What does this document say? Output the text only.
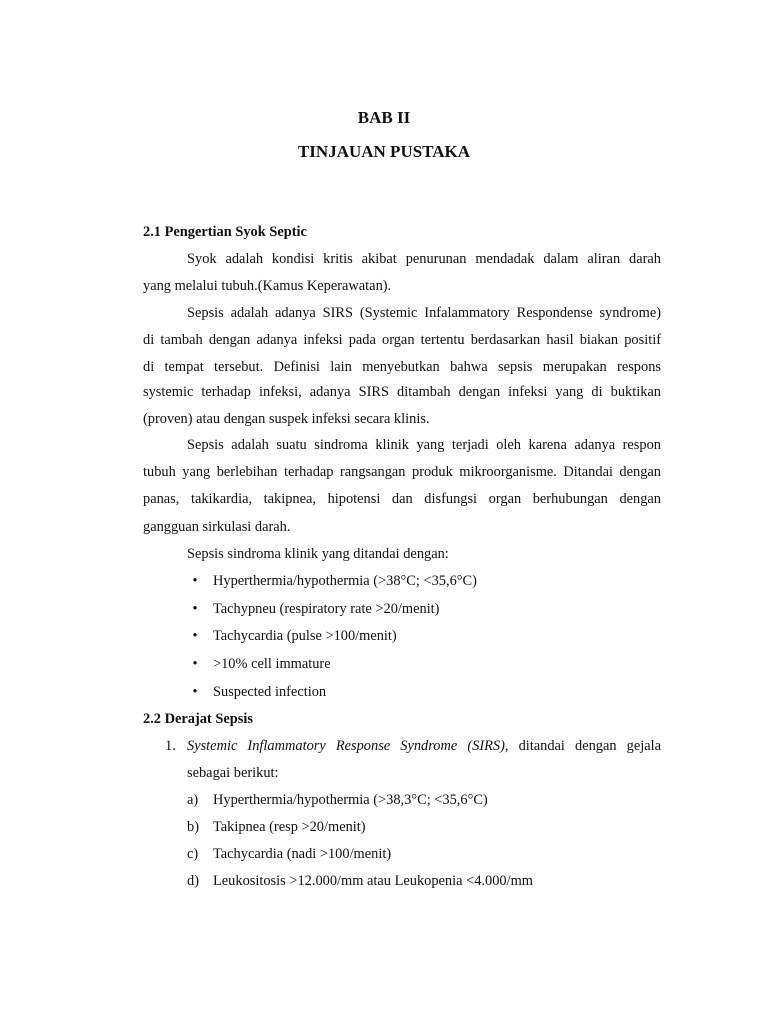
BAB II
TINJAUAN PUSTAKA
2.1 Pengertian Syok Septic
Syok adalah kondisi kritis akibat penurunan mendadak dalam aliran darah
yang melalui tubuh.(Kamus Keperawatan).
Sepsis adalah adanya SIRS (Systemic Infalammatory Respondense syndrome)
di tambah dengan adanya infeksi pada organ tertentu berdasarkan hasil biakan positif
di tempat tersebut. Definisi lain menyebutkan bahwa sepsis merupakan respons
systemic terhadap infeksi, adanya SIRS ditambah dengan infeksi yang di buktikan
(proven) atau dengan suspek infeksi secara klinis.
Sepsis adalah suatu sindroma klinik yang terjadi oleh karena adanya respon
tubuh yang berlebihan terhadap rangsangan produk mikroorganisme. Ditandai dengan
panas, takikardia, takipnea, hipotensi dan disfungsi organ berhubungan dengan
gangguan sirkulasi darah.
Sepsis sindroma klinik yang ditandai dengan:
• Hyperthermia/hypothermia (>38°C; <35,6°C)
• Tachypneu (respiratory rate >20/menit)
• Tachycardia (pulse >100/menit)
• >10% cell immature
• Suspected infection
2.2 Derajat Sepsis
1. Systemic Inflammatory Response Syndrome (SIRS), ditandai dengan gejala
sebagai berikut:
a)	Hyperthermia/hypothermia (>38,3°C; <35,6°C)
b) Takipnea (resp >20/menit)
c)	Tachycardia (nadi >100/menit)
d) Leukositosis >12.000/mm atau Leukopenia <4.000/mm
